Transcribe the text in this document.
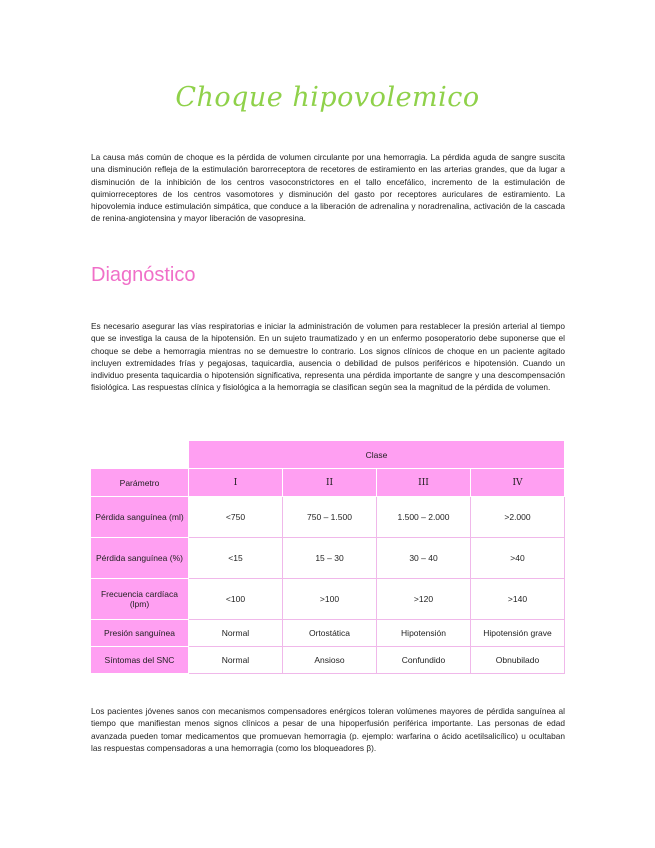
Choque hipovolemico
La causa más común de choque es la pérdida de volumen circulante por una hemorragia. La pérdida aguda de sangre suscita una disminución refleja de la estimulación barorreceptora de recetores de estiramiento en las arterias grandes, que da lugar a disminución de la inhibición de los centros vasoconstrictores en el tallo encefálico, incremento de la estimulación de quimiorreceptores de los centros vasomotores y disminución del gasto por receptores auriculares de estiramiento. La hipovolemia induce estimulación simpática, que conduce a la liberación de adrenalina y noradrenalina, activación de la cascada de renina-angiotensina y mayor liberación de vasopresina.
Diagnóstico
Es necesario asegurar las vías respiratorias e iniciar la administración de volumen para restablecer la presión arterial al tiempo que se investiga la causa de la hipotensión. En un sujeto traumatizado y en un enfermo posoperatorio debe suponerse que el choque se debe a hemorragia mientras no se demuestre lo contrario. Los signos clínicos de choque en un paciente agitado incluyen extremidades frías y pegajosas, taquicardia, ausencia o debilidad de pulsos periféricos e hipotensión. Cuando un individuo presenta taquicardia o hipotensión significativa, representa una pérdida importante de sangre y una descompensación fisiológica. Las respuestas clínica y fisiológica a la hemorragia se clasifican según sea la magnitud de la pérdida de volumen.
	Clase			
Parámetro	I	II	III	IV
Pérdida sanguínea (ml)	<750	750 – 1.500	1.500 – 2.000	>2.000
Pérdida sanguínea (%)	<15	15 – 30	30 – 40	>40
Frecuencia cardíaca (lpm)	<100	>100	>120	>140
Presión sanguínea	Normal	Ortostática	Hipotensión	Hipotensión grave
Síntomas del SNC	Normal	Ansioso	Confundido	Obnubilado
Los pacientes jóvenes sanos con mecanismos compensadores enérgicos toleran volúmenes mayores de pérdida sanguínea al tiempo que manifiestan menos signos clínicos a pesar de una hipoperfusión periférica importante. Las personas de edad avanzada pueden tomar medicamentos que promuevan hemorragia (p. ejemplo: warfarina o ácido acetilsalicílico) u ocultaban las respuestas compensadoras a una hemorragia (como los bloqueadores β).
